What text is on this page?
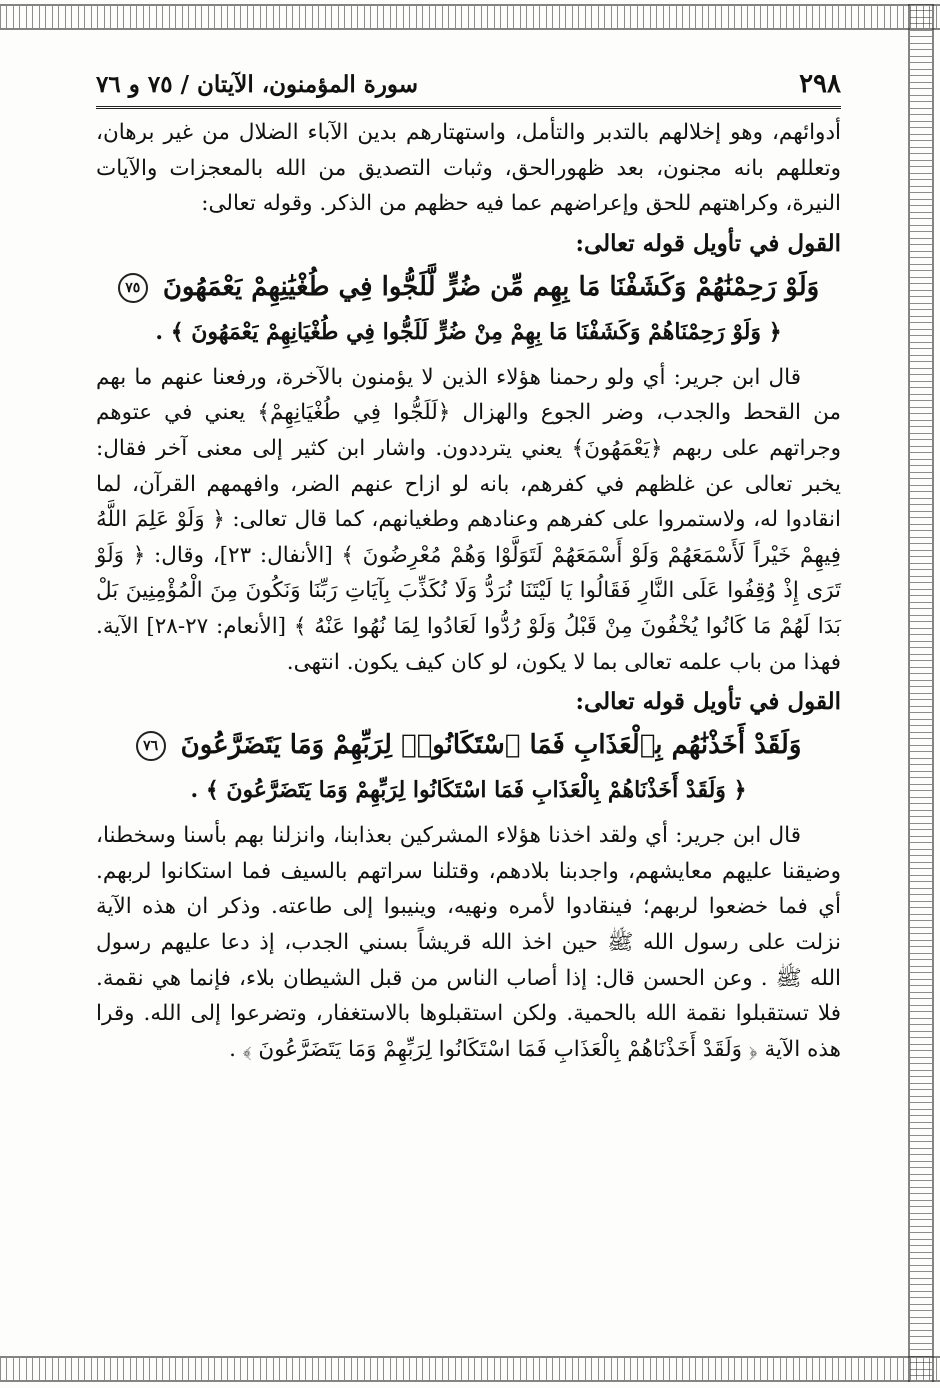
٢٩٨
سورة المؤمنون، الآيتان / ٧٥ و ٧٦

أدوائهم، وهو إخلالهم بالتدبر والتأمل، واستهتارهم بدين الآباء الضلال من غير برهان، وتعللهم بانه مجنون، بعد ظهورالحق، وثبات التصديق من الله بالمعجزات والآيات النيرة، وكراهتهم للحق وإعراضهم عما فيه حظهم من الذكر. وقوله تعالى:

القول في تأويل قوله تعالى:

وَلَوْ رَحِمْنَٰهُمْ وَكَشَفْنَا مَا بِهِم مِّن ضُرٍّ لَّلَجُّوا فِي طُغْيَٰنِهِمْ يَعْمَهُونَ ٧٥

﴿ وَلَوْ رَحِمْنَاهُمْ وَكَشَفْنَا مَا بِهِمْ مِنْ ضُرٍّ لَلَجُّوا فِي طُغْيَانِهِمْ يَعْمَهُونَ ﴾ .

قال ابن جرير: أي ولو رحمنا هؤلاء الذين لا يؤمنون بالآخرة، ورفعنا عنهم ما بهم من القحط والجدب، وضر الجوع والهزال ﴿لَلَجُّوا فِي طُغْيَانِهِمْ﴾ يعني في عتوهم وجراتهم على ربهم ﴿يَعْمَهُونَ﴾ يعني يترددون. واشار ابن كثير إلى معنى آخر فقال: يخبر تعالى عن غلظهم في كفرهم، بانه لو ازاح عنهم الضر، وافهمهم القرآن، لما انقادوا له، ولاستمروا على كفرهم وعنادهم وطغيانهم، كما قال تعالى: ﴿ وَلَوْ عَلِمَ اللَّهُ فِيهِمْ خَيْراً لَأَسْمَعَهُمْ وَلَوْ أَسْمَعَهُمْ لَتَوَلَّوْا وَهُمْ مُعْرِضُونَ ﴾ [الأنفال: ٢٣]، وقال: ﴿ وَلَوْ تَرَى إِذْ وُقِفُوا عَلَى النَّارِ فَقَالُوا يَا لَيْتَنَا نُرَدُّ وَلَا نُكَذِّبَ بِآيَاتِ رَبِّنَا وَنَكُونَ مِنَ الْمُؤْمِنِينَ بَلْ بَدَا لَهُمْ مَا كَانُوا يُخْفُونَ مِنْ قَبْلُ وَلَوْ رُدُّوا لَعَادُوا لِمَا نُهُوا عَنْهُ ﴾ [الأنعام: ٢٧-٢٨] الآية. فهذا من باب علمه تعالى بما لا يكون، لو كان كيف يكون. انتهى.

القول في تأويل قوله تعالى:

وَلَقَدْ أَخَذْنَٰهُم بِٱلْعَذَابِ فَمَا ٱسْتَكَانُوا۟ لِرَبِّهِمْ وَمَا يَتَضَرَّعُونَ ٧٦

﴿ وَلَقَدْ أَخَذْنَاهُمْ بِالْعَذَابِ فَمَا اسْتَكَانُوا لِرَبِّهِمْ وَمَا يَتَضَرَّعُونَ ﴾ .

قال ابن جرير: أي ولقد اخذنا هؤلاء المشركين بعذابنا، وانزلنا بهم بأسنا وسخطنا، وضيقنا عليهم معايشهم، واجدبنا بلادهم، وقتلنا سراتهم بالسيف فما استكانوا لربهم. أي فما خضعوا لربهم؛ فينقادوا لأمره ونهيه، وينيبوا إلى طاعته. وذكر ان هذه الآية نزلت على رسول الله ﷺ حين اخذ الله قريشاً بسني الجدب، إذ دعا عليهم رسول الله ﷺ . وعن الحسن قال: إذا أصاب الناس من قبل الشيطان بلاء، فإنما هي نقمة. فلا تستقبلوا نقمة الله بالحمية. ولكن استقبلوها بالاستغفار، وتضرعوا إلى الله. وقرا هذه الآية ﴿ وَلَقَدْ أَخَذْنَاهُمْ بِالْعَذَابِ فَمَا اسْتَكَانُوا لِرَبِّهِمْ وَمَا يَتَضَرَّعُونَ ﴾ .
